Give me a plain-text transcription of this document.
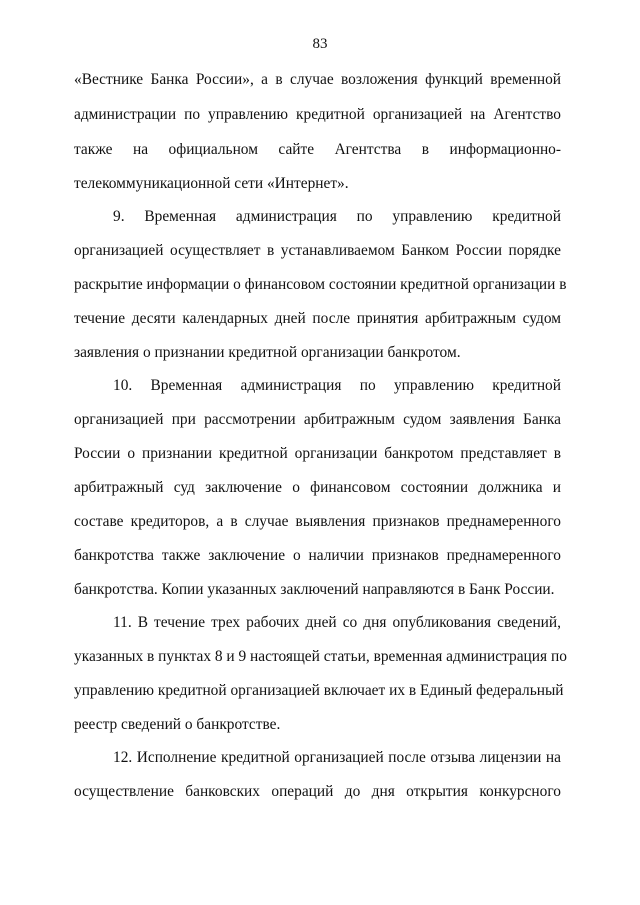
83
«Вестнике Банка России», а в случае возложения функций временной
администрации по управлению кредитной организацией на Агентство
также на официальном сайте Агентства в информационно-
телекоммуникационной сети «Интернет».
9. Временная администрация по управлению кредитной
организацией осуществляет в устанавливаемом Банком России порядке
раскрытие информации о финансовом состоянии кредитной организации в
течение десяти календарных дней после принятия арбитражным судом
заявления о признании кредитной организации банкротом.
10. Временная администрация по управлению кредитной
организацией при рассмотрении арбитражным судом заявления Банка
России о признании кредитной организации банкротом представляет в
арбитражный суд заключение о финансовом состоянии должника и
составе кредиторов, а в случае выявления признаков преднамеренного
банкротства также заключение о наличии признаков преднамеренного
банкротства. Копии указанных заключений направляются в Банк России.
11. В течение трех рабочих дней со дня опубликования сведений,
указанных в пунктах 8 и 9 настоящей статьи, временная администрация по
управлению кредитной организацией включает их в Единый федеральный
реестр сведений о банкротстве.
12. Исполнение кредитной организацией после отзыва лицензии на
осуществление банковских операций до дня открытия конкурсного
